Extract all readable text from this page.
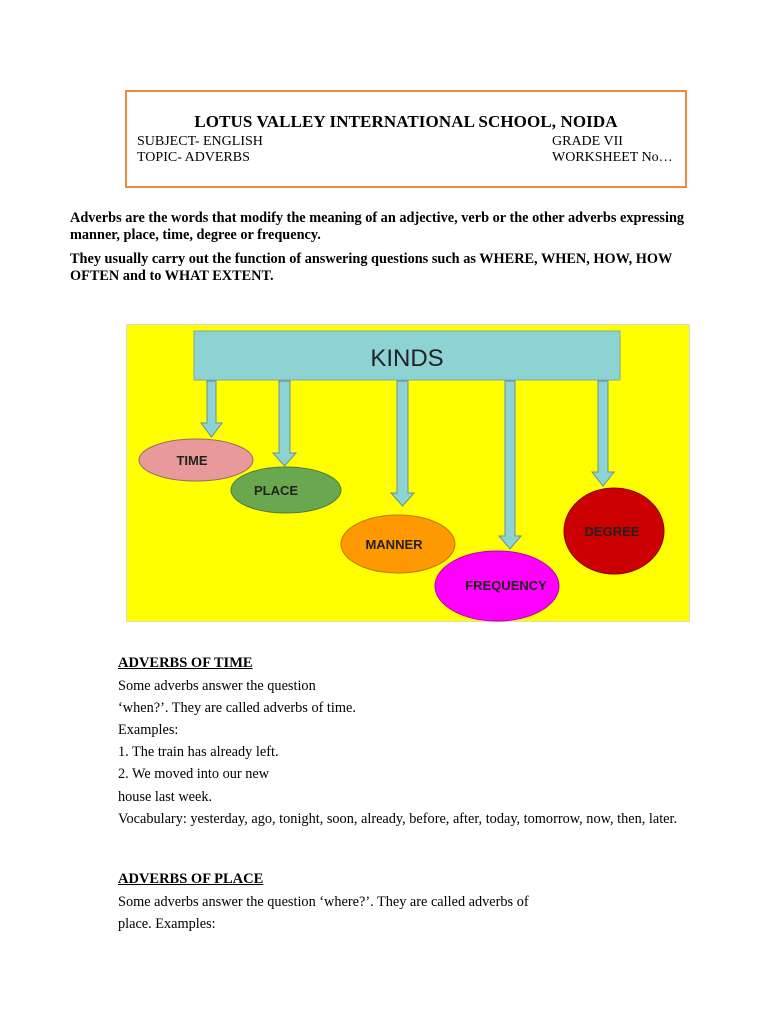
LOTUS VALLEY INTERNATIONAL SCHOOL, NOIDA
SUBJECT- ENGLISH	GRADE VII
TOPIC- ADVERBS	WORKSHEET No…

Adverbs are the words that modify the meaning of an adjective, verb or the other adverbs expressing manner, place, time, degree or frequency.

They usually carry out the function of answering questions such as WHERE, WHEN, HOW, HOW OFTEN and to WHAT EXTENT.

KINDS
TIME
PLACE
MANNER
FREQUENCY
DEGREE
ADVERBS OF TIME
Some adverbs answer the question
‘when?’. They are called adverbs of time.
Examples:
1. The train has already left.
2. We moved into our new
house last week.
Vocabulary: yesterday, ago, tonight, soon, already, before, after, today, tomorrow, now, then, later.
ADVERBS OF PLACE
Some adverbs answer the question ‘where?’. They are called adverbs of
place. Examples:
